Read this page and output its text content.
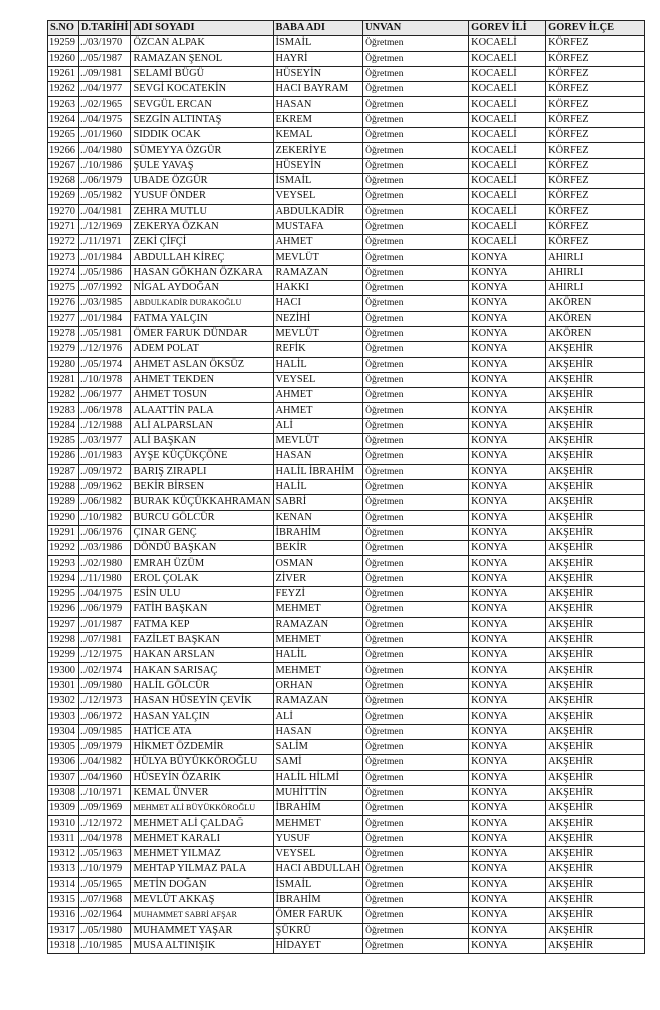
S.NO	D.TARİHİ	ADI SOYADI	BABA ADI	UNVAN	GOREV İLİ	GOREV İLÇE
19259	../03/1970	ÖZCAN ALPAK	İSMAİL	Öğretmen	KOCAELİ	KÖRFEZ
19260	../05/1987	RAMAZAN ŞENOL	HAYRİ	Öğretmen	KOCAELİ	KÖRFEZ
19261	../09/1981	SELAMİ BÜGÜ	HÜSEYİN	Öğretmen	KOCAELİ	KÖRFEZ
19262	../04/1977	SEVGİ KOCATEKİN	HACI BAYRAM	Öğretmen	KOCAELİ	KÖRFEZ
19263	../02/1965	SEVGÜL ERCAN	HASAN	Öğretmen	KOCAELİ	KÖRFEZ
19264	../04/1975	SEZGİN ALTINTAŞ	EKREM	Öğretmen	KOCAELİ	KÖRFEZ
19265	../01/1960	SIDDIK OCAK	KEMAL	Öğretmen	KOCAELİ	KÖRFEZ
19266	../04/1980	SÜMEYYA ÖZGÜR	ZEKERİYE	Öğretmen	KOCAELİ	KÖRFEZ
19267	../10/1986	ŞULE YAVAŞ	HÜSEYİN	Öğretmen	KOCAELİ	KÖRFEZ
19268	../06/1979	UBADE ÖZGÜR	İSMAİL	Öğretmen	KOCAELİ	KÖRFEZ
19269	../05/1982	YUSUF ÖNDER	VEYSEL	Öğretmen	KOCAELİ	KÖRFEZ
19270	../04/1981	ZEHRA MUTLU	ABDULKADİR	Öğretmen	KOCAELİ	KÖRFEZ
19271	../12/1969	ZEKERYA ÖZKAN	MUSTAFA	Öğretmen	KOCAELİ	KÖRFEZ
19272	../11/1971	ZEKİ ÇİFÇİ	AHMET	Öğretmen	KOCAELİ	KÖRFEZ
19273	../01/1984	ABDULLAH KİREÇ	MEVLÜT	Öğretmen	KONYA	AHIRLI
19274	../05/1986	HASAN GÖKHAN ÖZKARA	RAMAZAN	Öğretmen	KONYA	AHIRLI
19275	../07/1992	NİGAL AYDOĞAN	HAKKI	Öğretmen	KONYA	AHIRLI
19276	../03/1985	ABDULKADİR DURAKOĞLU	HACI	Öğretmen	KONYA	AKÖREN
19277	../01/1984	FATMA YALÇIN	NEZİHİ	Öğretmen	KONYA	AKÖREN
19278	../05/1981	ÖMER FARUK DÜNDAR	MEVLÜT	Öğretmen	KONYA	AKÖREN
19279	../12/1976	ADEM POLAT	REFİK	Öğretmen	KONYA	AKŞEHİR
19280	../05/1974	AHMET ASLAN ÖKSÜZ	HALİL	Öğretmen	KONYA	AKŞEHİR
19281	../10/1978	AHMET TEKDEN	VEYSEL	Öğretmen	KONYA	AKŞEHİR
19282	../06/1977	AHMET TOSUN	AHMET	Öğretmen	KONYA	AKŞEHİR
19283	../06/1978	ALAATTİN PALA	AHMET	Öğretmen	KONYA	AKŞEHİR
19284	../12/1988	ALİ ALPARSLAN	ALİ	Öğretmen	KONYA	AKŞEHİR
19285	../03/1977	ALİ BAŞKAN	MEVLÜT	Öğretmen	KONYA	AKŞEHİR
19286	../01/1983	AYŞE KÜÇÜKÇÖNE	HASAN	Öğretmen	KONYA	AKŞEHİR
19287	../09/1972	BARIŞ ZIRAPLI	HALİL İBRAHİM	Öğretmen	KONYA	AKŞEHİR
19288	../09/1962	BEKİR BİRSEN	HALİL	Öğretmen	KONYA	AKŞEHİR
19289	../06/1982	BURAK KÜÇÜKKAHRAMAN	SABRİ	Öğretmen	KONYA	AKŞEHİR
19290	../10/1982	BURCU GÖLCÜR	KENAN	Öğretmen	KONYA	AKŞEHİR
19291	../06/1976	ÇINAR GENÇ	İBRAHİM	Öğretmen	KONYA	AKŞEHİR
19292	../03/1986	DÖNDÜ BAŞKAN	BEKİR	Öğretmen	KONYA	AKŞEHİR
19293	../02/1980	EMRAH ÜZÜM	OSMAN	Öğretmen	KONYA	AKŞEHİR
19294	../11/1980	EROL ÇOLAK	ZİVER	Öğretmen	KONYA	AKŞEHİR
19295	../04/1975	ESİN ULU	FEYZİ	Öğretmen	KONYA	AKŞEHİR
19296	../06/1979	FATİH BAŞKAN	MEHMET	Öğretmen	KONYA	AKŞEHİR
19297	../01/1987	FATMA KEP	RAMAZAN	Öğretmen	KONYA	AKŞEHİR
19298	../07/1981	FAZİLET BAŞKAN	MEHMET	Öğretmen	KONYA	AKŞEHİR
19299	../12/1975	HAKAN ARSLAN	HALİL	Öğretmen	KONYA	AKŞEHİR
19300	../02/1974	HAKAN SARISAÇ	MEHMET	Öğretmen	KONYA	AKŞEHİR
19301	../09/1980	HALİL GÖLCÜR	ORHAN	Öğretmen	KONYA	AKŞEHİR
19302	../12/1973	HASAN HÜSEYİN ÇEVİK	RAMAZAN	Öğretmen	KONYA	AKŞEHİR
19303	../06/1972	HASAN YALÇIN	ALİ	Öğretmen	KONYA	AKŞEHİR
19304	../09/1985	HATİCE ATA	HASAN	Öğretmen	KONYA	AKŞEHİR
19305	../09/1979	HİKMET ÖZDEMİR	SALİM	Öğretmen	KONYA	AKŞEHİR
19306	../04/1982	HÜLYA BÜYÜKKÖROĞLU	SAMİ	Öğretmen	KONYA	AKŞEHİR
19307	../04/1960	HÜSEYİN ÖZARIK	HALİL HİLMİ	Öğretmen	KONYA	AKŞEHİR
19308	../10/1971	KEMAL ÜNVER	MUHİTTİN	Öğretmen	KONYA	AKŞEHİR
19309	../09/1969	MEHMET ALİ BÜYÜKKÖROĞLU	İBRAHİM	Öğretmen	KONYA	AKŞEHİR
19310	../12/1972	MEHMET ALİ ÇALDAĞ	MEHMET	Öğretmen	KONYA	AKŞEHİR
19311	../04/1978	MEHMET KARALI	YUSUF	Öğretmen	KONYA	AKŞEHİR
19312	../05/1963	MEHMET YILMAZ	VEYSEL	Öğretmen	KONYA	AKŞEHİR
19313	../10/1979	MEHTAP YILMAZ PALA	HACI ABDULLAH	Öğretmen	KONYA	AKŞEHİR
19314	../05/1965	METİN DOĞAN	İSMAİL	Öğretmen	KONYA	AKŞEHİR
19315	../07/1968	MEVLÜT AKKAŞ	İBRAHİM	Öğretmen	KONYA	AKŞEHİR
19316	../02/1964	MUHAMMET SABRİ AFŞAR	ÖMER FARUK	Öğretmen	KONYA	AKŞEHİR
19317	../05/1980	MUHAMMET YAŞAR	ŞÜKRÜ	Öğretmen	KONYA	AKŞEHİR
19318	../10/1985	MUSA ALTINIŞIK	HİDAYET	Öğretmen	KONYA	AKŞEHİR
